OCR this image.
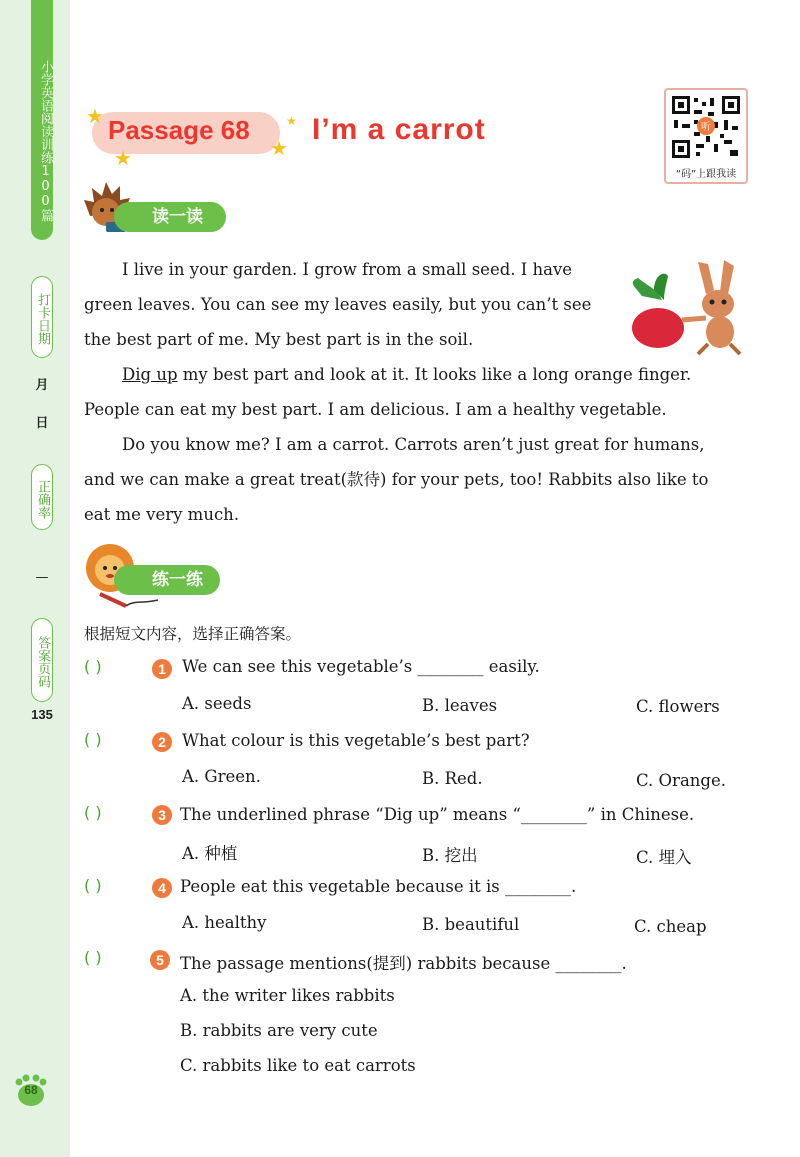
小学英语阅读训练100篇
打卡日期
月
日
正确率
—
答案页码
135
68
★
★	★
★
Passage 68 I’m a carrot	听
“码”上跟我读
读一读
I live in your garden. I grow from a small seed. I have
green leaves. You can see my leaves easily, but you can’t see
the best part of me. My best part is in the soil.
Dig up my best part and look at it. It looks like a long orange finger.
People can eat my best part. I am delicious. I am a healthy vegetable.
Do you know me? I am a carrot. Carrots aren’t just great for humans,
and we can make a great treat(款待) for your pets, too! Rabbits also like to
eat me very much.
练一练
根据短文内容，选择正确答案。
( )	1 We can see this vegetable’s ________ easily.
A. seeds	B. leaves	C. flowers
( )	2 What colour is this vegetable’s best part?
A. Green.	B. Red.	C. Orange.
( )	3 The underlined phrase “Dig up” means “________” in Chinese.
A. 种植	B. 挖出	C. 埋入
( )	4 People eat this vegetable because it is ________.
A. healthy	B. beautiful	C. cheap
( )	5 The passage mentions(提到) rabbits because ________.
A. the writer likes rabbits
B. rabbits are very cute
C. rabbits like to eat carrots
